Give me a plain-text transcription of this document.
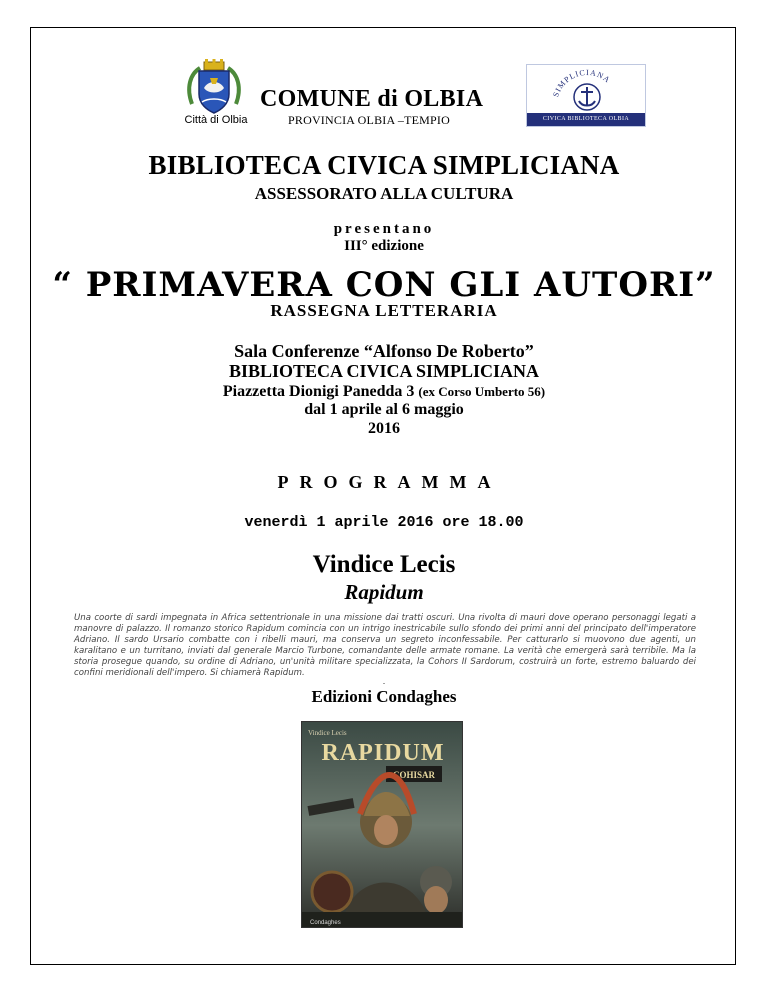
Città di Olbia
COMUNE di OLBIA
PROVINCIA OLBIA –TEMPIO
SIMPLICIANA
CIVICA BIBLIOTECA OLBIA
BIBLIOTECA CIVICA SIMPLICIANA
ASSESSORATO ALLA CULTURA
presentano
III° edizione
“ PRIMAVERA CON GLI AUTORI”
RASSEGNA LETTERARIA
Sala Conferenze “Alfonso De Roberto”
BIBLIOTECA CIVICA SIMPLICIANA
Piazzetta Dionigi Panedda 3 (ex Corso Umberto 56)
dal 1 aprile al 6 maggio
2016
PROGRAMMA
venerdì 1 aprile 2016 ore 18.00
Vindice Lecis
Rapidum
Una coorte di sardi impegnata in Africa settentrionale in una missione dai tratti oscuri. Una rivolta di mauri dove operano personaggi legati a manovre di palazzo. Il romanzo storico Rapidum comincia con un intrigo inestricabile sullo sfondo dei primi anni del principato dell'imperatore Adriano. Il sardo Ursario combatte con i ribelli mauri, ma conserva un segreto inconfessabile. Per catturarlo si muovono due agenti, un karalitano e un turritano, inviati dal generale Marcio Turbone, comandante delle armate romane. La verità che emergerà sarà terribile. Ma la storia prosegue quando, su ordine di Adriano, un'unità militare specializzata, la Cohors II Sardorum, costruirà un forte, estremo baluardo dei confini meridionali dell'impero. Si chiamerà Rapidum.
.
Edizioni Condaghes
Vindice Lecis
RAPIDUM
COHISAR
Condaghes
